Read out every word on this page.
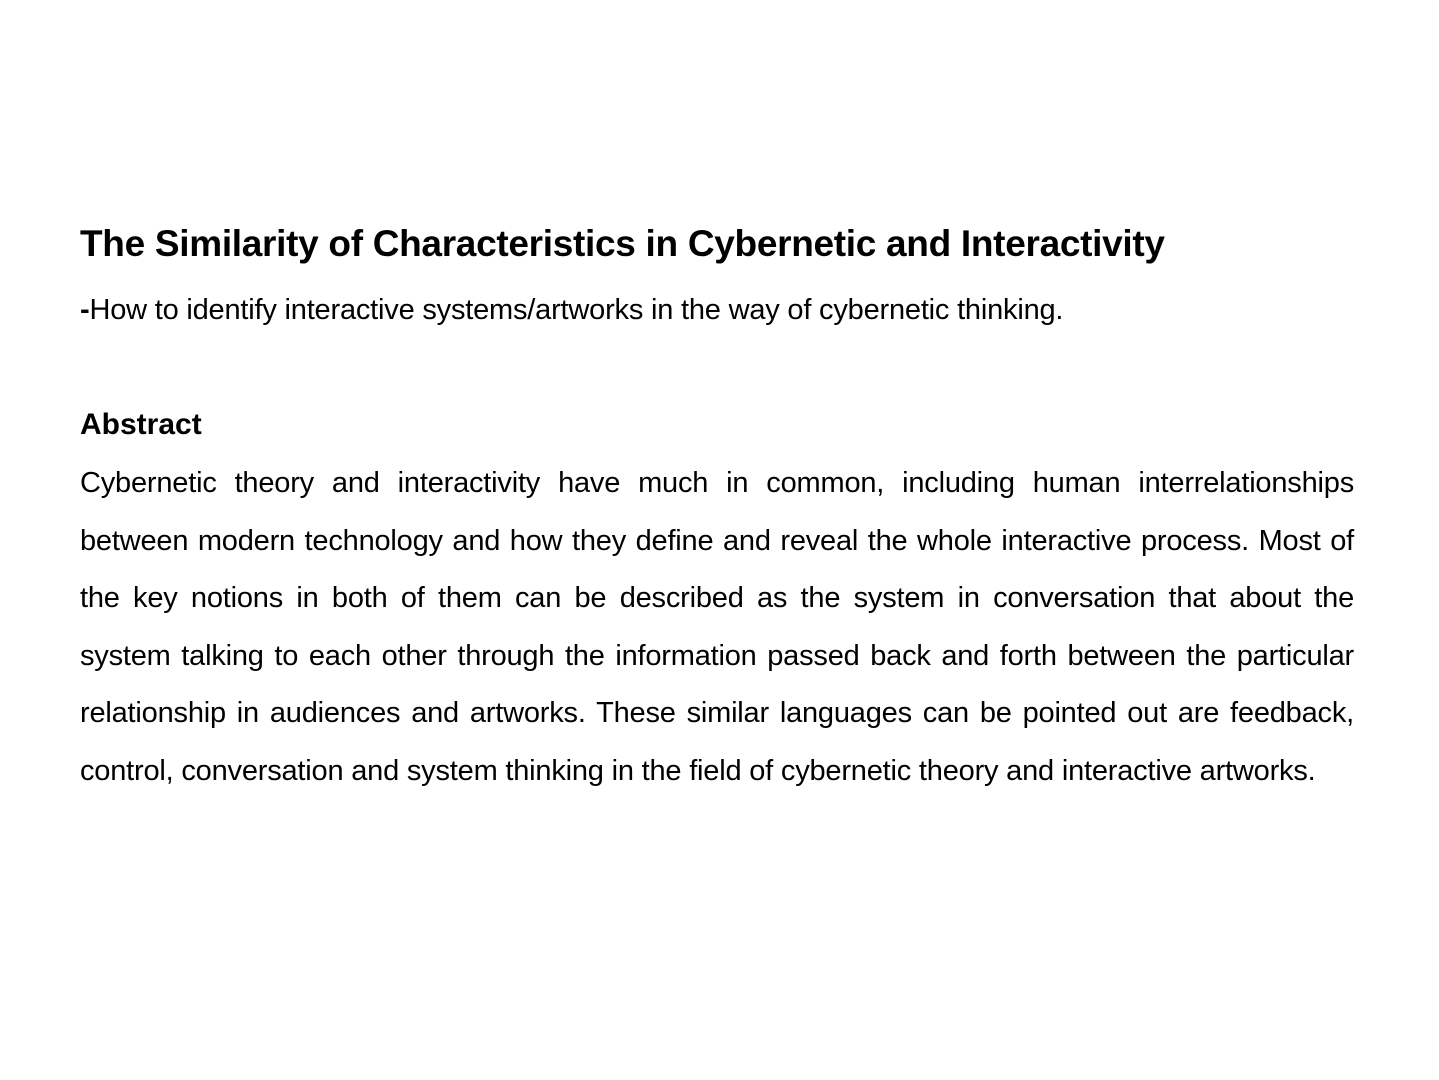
The Similarity of Characteristics in Cybernetic and Interactivity

-How to identify interactive systems/artworks in the way of cybernetic thinking.

Abstract

Cybernetic theory and interactivity have much in common, including human interrelationships between modern technology and how they define and reveal the whole interactive process. Most of the key notions in both of them can be described as the system in conversation that about the system talking to each other through the information passed back and forth between the particular relationship in audiences and artworks. These similar languages can be pointed out are feedback, control, conversation and system thinking in the field of cybernetic theory and interactive artworks.
